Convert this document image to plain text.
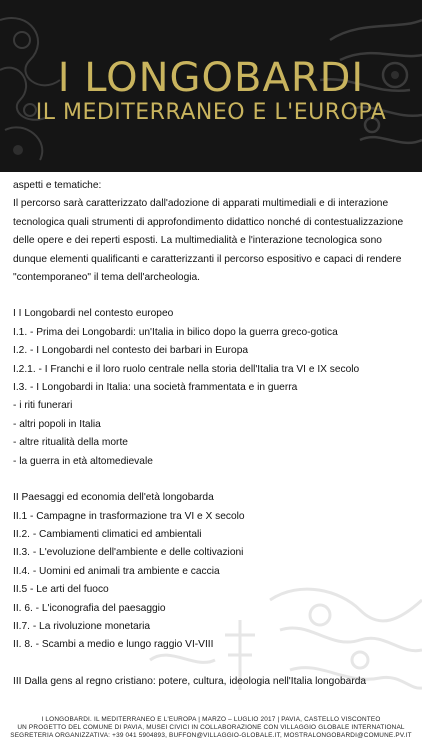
I LONGOBARDI
IL MEDITERRANEO E L'EUROPA

aspetti e tematiche:

Il percorso sarà caratterizzato dall'adozione di apparati multimediali e di interazione tecnologica quali strumenti di approfondimento didattico nonché di contestualizzazione delle opere e dei reperti esposti. La multimedialità e l'interazione tecnologica sono dunque elementi qualificanti e caratterizzanti il percorso espositivo e capaci di rendere "contemporaneo" il tema dell'archeologia.

I I Longobardi nel contesto europeo

I.1. - Prima dei Longobardi: un'Italia in bilico dopo la guerra greco-gotica
I.2. - I Longobardi nel contesto dei barbari in Europa
I.2.1. - I Franchi e il loro ruolo centrale nella storia dell'Italia tra VI e IX secolo
I.3. - I Longobardi in Italia: una società frammentata e in guerra
- i riti funerari
- altri popoli in Italia
- altre ritualità della morte
- la guerra in età altomedievale

II Paesaggi ed economia dell'età longobarda

II.1 - Campagne in trasformazione tra VI e X secolo
II.2. - Cambiamenti climatici ed ambientali
II.3. - L'evoluzione dell'ambiente e delle coltivazioni
II.4. - Uomini ed animali tra ambiente e caccia
II.5 - Le arti del fuoco
II. 6. - L'iconografia del paesaggio
II.7. - La rivoluzione monetaria
II. 8. - Scambi a medio e lungo raggio VI-VIII

III Dalla gens al regno cristiano: potere, cultura, ideologia nell'Italia longobarda

I LONGOBARDI. IL MEDITERRANEO E L'EUROPA | MARZO – LUGLIO 2017 | PAVIA, CASTELLO VISCONTEO
UN PROGETTO DEL COMUNE DI PAVIA, MUSEI CIVICI IN COLLABORAZIONE CON VILLAGGIO GLOBALE INTERNATIONAL
SEGRETERIA ORGANIZZATIVA: +39 041 5904893, BUFFON@VILLAGGIO-GLOBALE.IT, MOSTRALONGOBARDI@COMUNE.PV.IT
